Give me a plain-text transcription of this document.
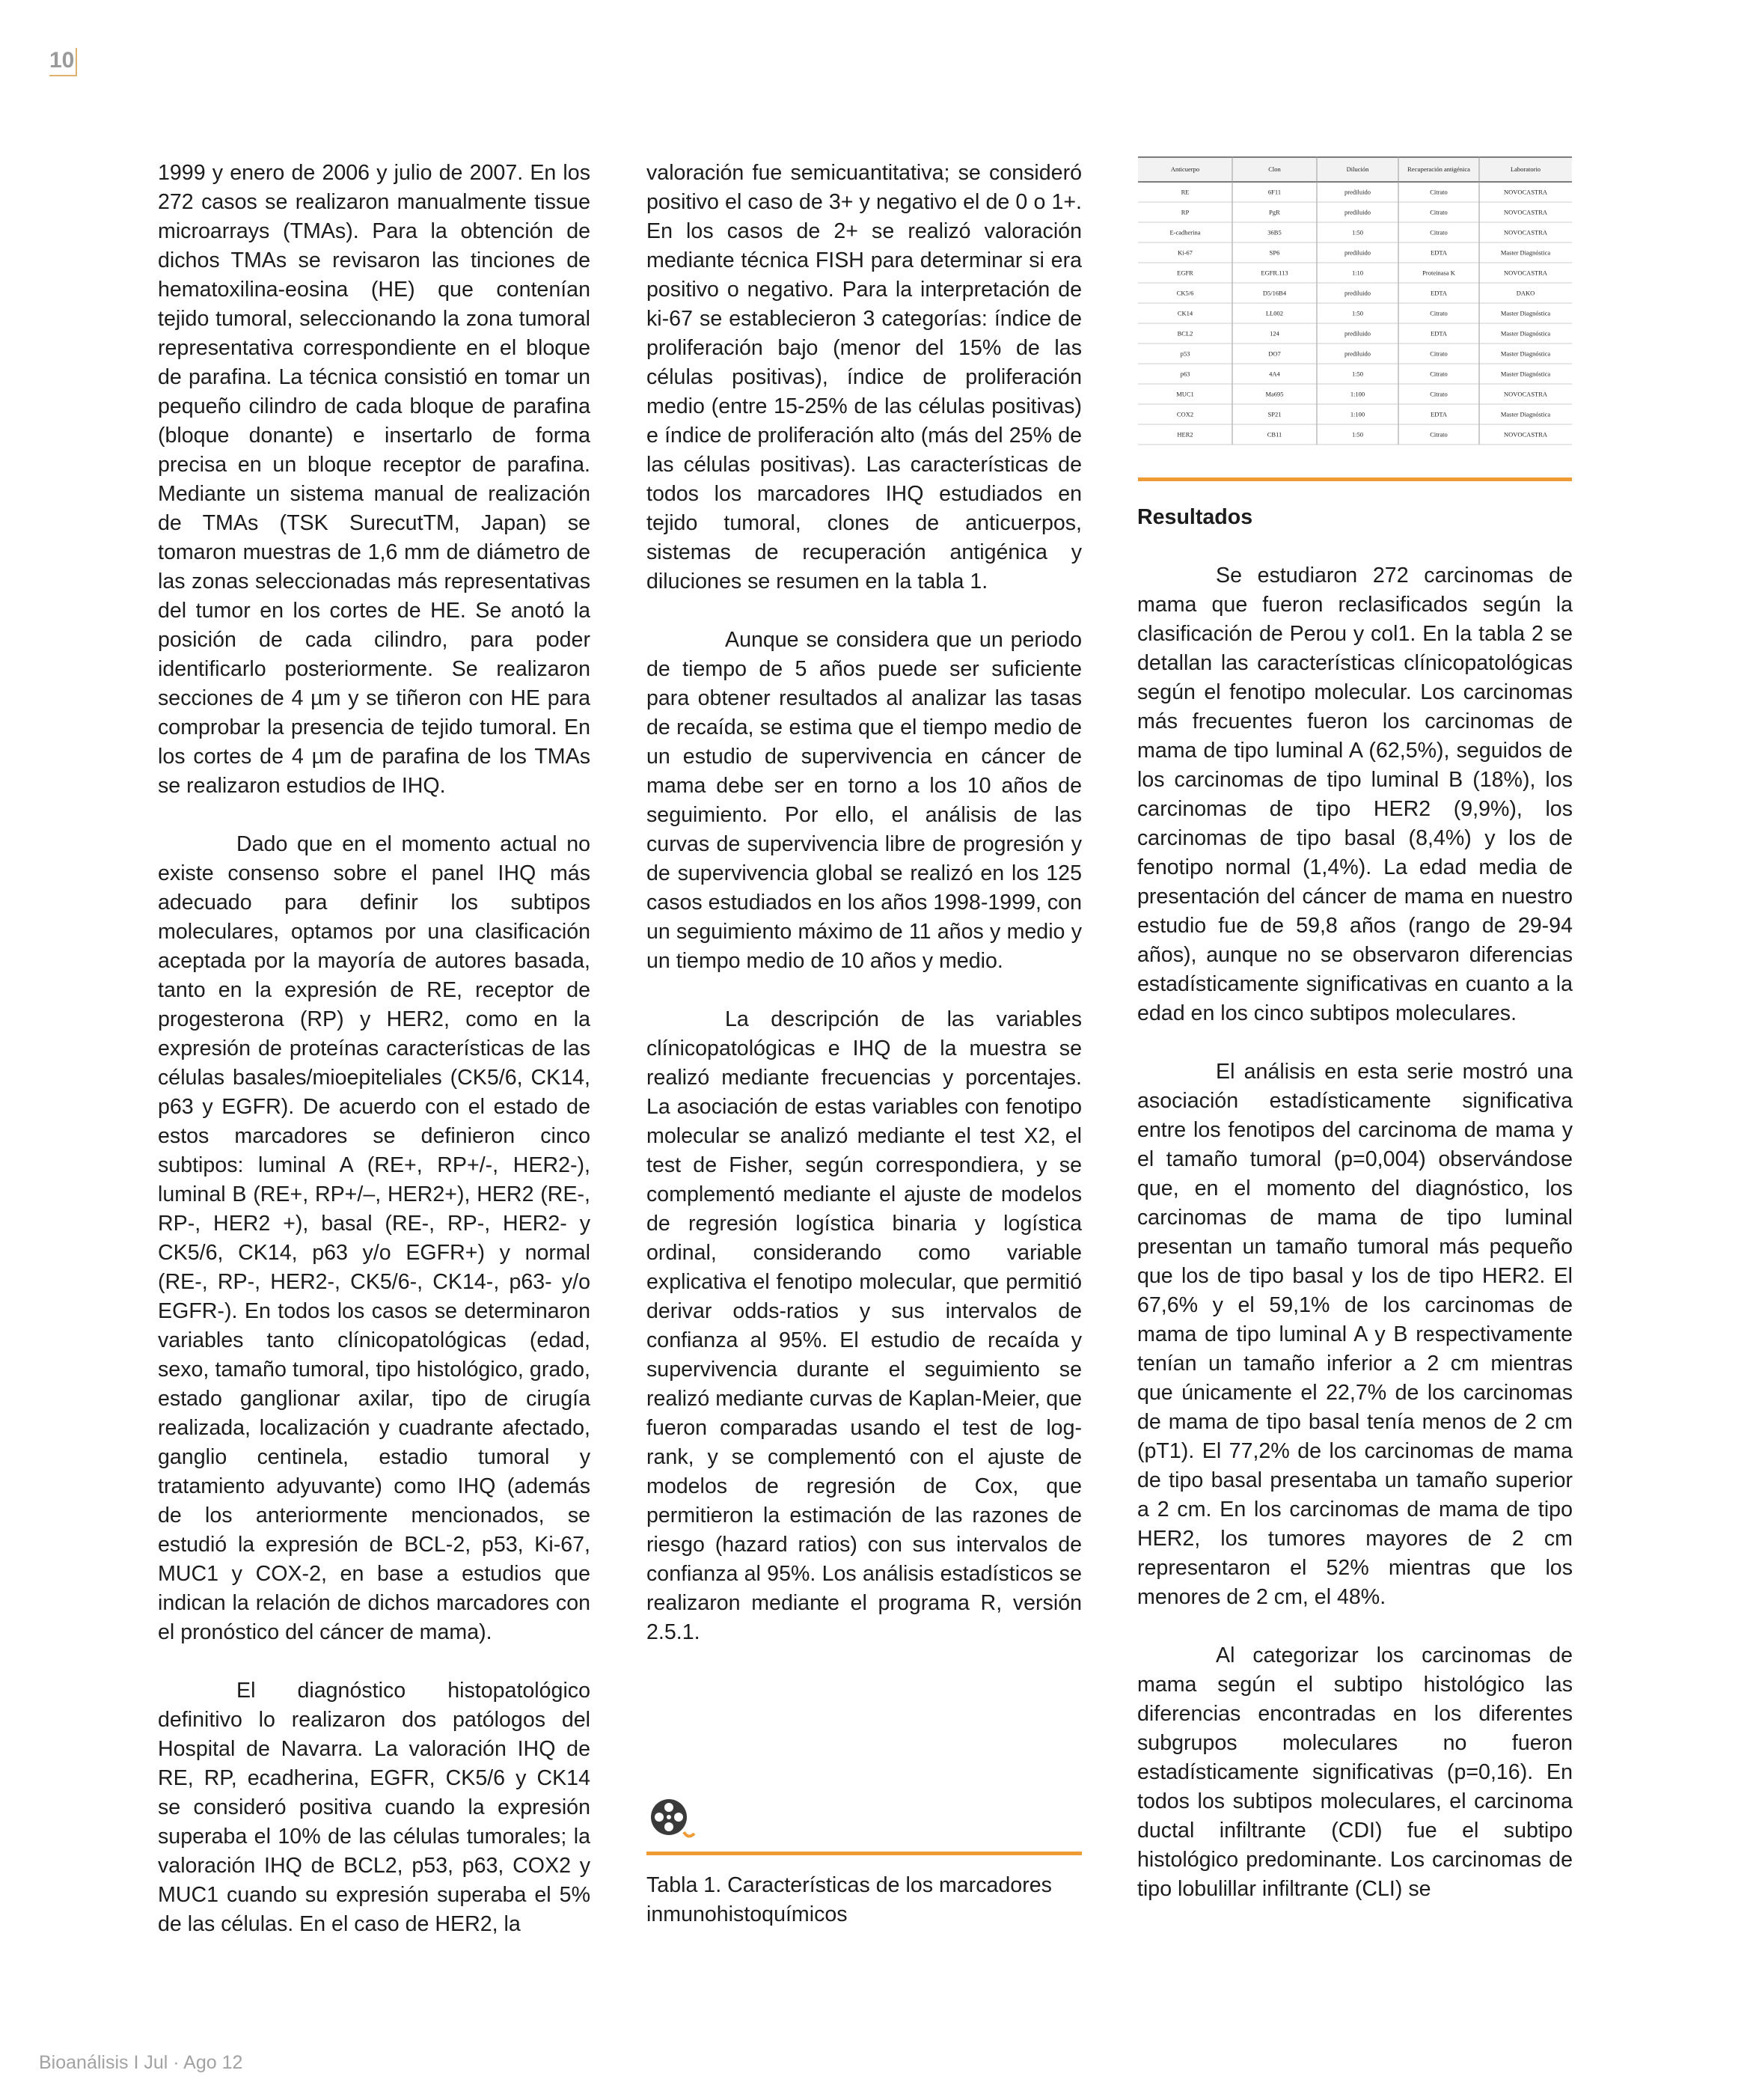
10

1999 y enero de 2006 y julio de 2007. En los 272 casos se realizaron manualmente tissue microarrays (TMAs). Para la obtención de dichos TMAs se revisaron las tinciones de hematoxilina-eosina (HE) que contenían tejido tumoral, seleccionando la zona tumoral representativa correspondiente en el bloque de parafina. La técnica consistió en tomar un pequeño cilindro de cada bloque de parafina (bloque donante) e insertarlo de forma precisa en un bloque receptor de parafina. Mediante un sistema manual de realización de TMAs (TSK SurecutTM, Japan) se tomaron muestras de 1,6 mm de diámetro de las zonas seleccionadas más representativas del tumor en los cortes de HE. Se anotó la posición de cada cilindro, para poder identificarlo posteriormente. Se realizaron secciones de 4 µm y se tiñeron con HE para comprobar la presencia de tejido tumoral. En los cortes de 4 µm de parafina de los TMAs se realizaron estudios de IHQ.

Dado que en el momento actual no existe consenso sobre el panel IHQ más adecuado para definir los subtipos moleculares, optamos por una clasificación aceptada por la mayoría de autores basada, tanto en la expresión de RE, receptor de progesterona (RP) y HER2, como en la expresión de proteínas características de las células basales/mioepiteliales (CK5/6, CK14, p63 y EGFR). De acuerdo con el estado de estos marcadores se definieron cinco subtipos: luminal A (RE+, RP+/-, HER2-), luminal B (RE+, RP+/–, HER2+), HER2 (RE-, RP-, HER2 +), basal (RE-, RP-, HER2- y CK5/6, CK14, p63 y/o EGFR+) y normal (RE-, RP-, HER2-, CK5/6-, CK14-, p63- y/o EGFR-). En todos los casos se determinaron variables tanto clínicopatológicas (edad, sexo, tamaño tumoral, tipo histológico, grado, estado ganglionar axilar, tipo de cirugía realizada, localización y cuadrante afectado, ganglio centinela, estadio tumoral y tratamiento adyuvante) como IHQ (además de los anteriormente mencionados, se estudió la expresión de BCL-2, p53, Ki-67, MUC1 y COX-2, en base a estudios que indican la relación de dichos marcadores con el pronóstico del cáncer de mama).

El diagnóstico histopatológico definitivo lo realizaron dos patólogos del Hospital de Navarra. La valoración IHQ de RE, RP, ecadherina, EGFR, CK5/6 y CK14 se consideró positiva cuando la expresión superaba el 10% de las células tumorales; la valoración IHQ de BCL2, p53, p63, COX2 y MUC1 cuando su expresión superaba el 5% de las células. En el caso de HER2, la

valoración fue semicuantitativa; se consideró positivo el caso de 3+ y negativo el de 0 o 1+. En los casos de 2+ se realizó valoración mediante técnica FISH para determinar si era positivo o negativo. Para la interpretación de ki-67 se establecieron 3 categorías: índice de proliferación bajo (menor del 15% de las células positivas), índice de proliferación medio (entre 15-25% de las células positivas) e índice de proliferación alto (más del 25% de las células positivas). Las características de todos los marcadores IHQ estudiados en tejido tumoral, clones de anticuerpos, sistemas de recuperación antigénica y diluciones se resumen en la tabla 1.

Aunque se considera que un periodo de tiempo de 5 años puede ser suficiente para obtener resultados al analizar las tasas de recaída, se estima que el tiempo medio de un estudio de supervivencia en cáncer de mama debe ser en torno a los 10 años de seguimiento. Por ello, el análisis de las curvas de supervivencia libre de progresión y de supervivencia global se realizó en los 125 casos estudiados en los años 1998-1999, con un seguimiento máximo de 11 años y medio y un tiempo medio de 10 años y medio.

La descripción de las variables clínicopatológicas e IHQ de la muestra se realizó mediante frecuencias y porcentajes. La asociación de estas variables con fenotipo molecular se analizó mediante el test X2, el test de Fisher, según correspondiera, y se complementó mediante el ajuste de modelos de regresión logística binaria y logística ordinal, considerando como variable explicativa el fenotipo molecular, que permitió derivar odds-ratios y sus intervalos de confianza al 95%. El estudio de recaída y supervivencia durante el seguimiento se realizó mediante curvas de Kaplan-Meier, que fueron comparadas usando el test de log-rank, y se complementó con el ajuste de modelos de regresión de Cox, que permitieron la estimación de las razones de riesgo (hazard ratios) con sus intervalos de confianza al 95%. Los análisis estadísticos se realizaron mediante el programa R, versión 2.5.1.

Anticuerpo	Clon	Dilución	Recuperación antigénica	Laboratorio
RE	6F11	prediluido	Citrato	NOVOCASTRA
RP	PgR	prediluido	Citrato	NOVOCASTRA
E-cadherina	36B5	1:50	Citrato	NOVOCASTRA
Ki-67	SP6	prediluido	EDTA	Master Diagnóstica
EGFR	EGFR.113	1:10	Proteinasa K	NOVOCASTRA
CK5/6	D5/16B4	prediluido	EDTA	DAKO
CK14	LL002	1:50	Citrato	Master Diagnóstica
BCL2	124	prediluido	EDTA	Master Diagnóstica
p53	DO7	prediluido	Citrato	Master Diagnóstica
p63	4A4	1:50	Citrato	Master Diagnóstica
MUC1	Ma695	1:100	Citrato	NOVOCASTRA
COX2	SP21	1:100	EDTA	Master Diagnóstica
HER2	CB11	1:50	Citrato	NOVOCASTRA
Tabla 1. Características de los marcadores inmunohistoquímicos
Resultados

Se estudiaron 272 carcinomas de mama que fueron reclasificados según la clasificación de Perou y col1. En la tabla 2 se detallan las características clínicopatológicas según el fenotipo molecular. Los carcinomas más frecuentes fueron los carcinomas de mama de tipo luminal A (62,5%), seguidos de los carcinomas de tipo luminal B (18%), los carcinomas de tipo HER2 (9,9%), los carcinomas de tipo basal (8,4%) y los de fenotipo normal (1,4%). La edad media de presentación del cáncer de mama en nuestro estudio fue de 59,8 años (rango de 29-94 años), aunque no se observaron diferencias estadísticamente significativas en cuanto a la edad en los cinco subtipos moleculares.

El análisis en esta serie mostró una asociación estadísticamente significativa entre los fenotipos del carcinoma de mama y el tamaño tumoral (p=0,004) observándose que, en el momento del diagnóstico, los carcinomas de mama de tipo luminal presentan un tamaño tumoral más pequeño que los de tipo basal y los de tipo HER2. El 67,6% y el 59,1% de los carcinomas de mama de tipo luminal A y B respectivamente tenían un tamaño inferior a 2 cm mientras que únicamente el 22,7% de los carcinomas de mama de tipo basal tenía menos de 2 cm (pT1). El 77,2% de los carcinomas de mama de tipo basal presentaba un tamaño superior a 2 cm. En los carcinomas de mama de tipo HER2, los tumores mayores de 2 cm representaron el 52% mientras que los menores de 2 cm, el 48%.

Al categorizar los carcinomas de mama según el subtipo histológico las diferencias encontradas en los diferentes subgrupos moleculares no fueron estadísticamente significativas (p=0,16). En todos los subtipos moleculares, el carcinoma ductal infiltrante (CDI) fue el subtipo histológico predominante. Los carcinomas de tipo lobulillar infiltrante (CLI) se

Bioanálisis I Jul · Ago 12
